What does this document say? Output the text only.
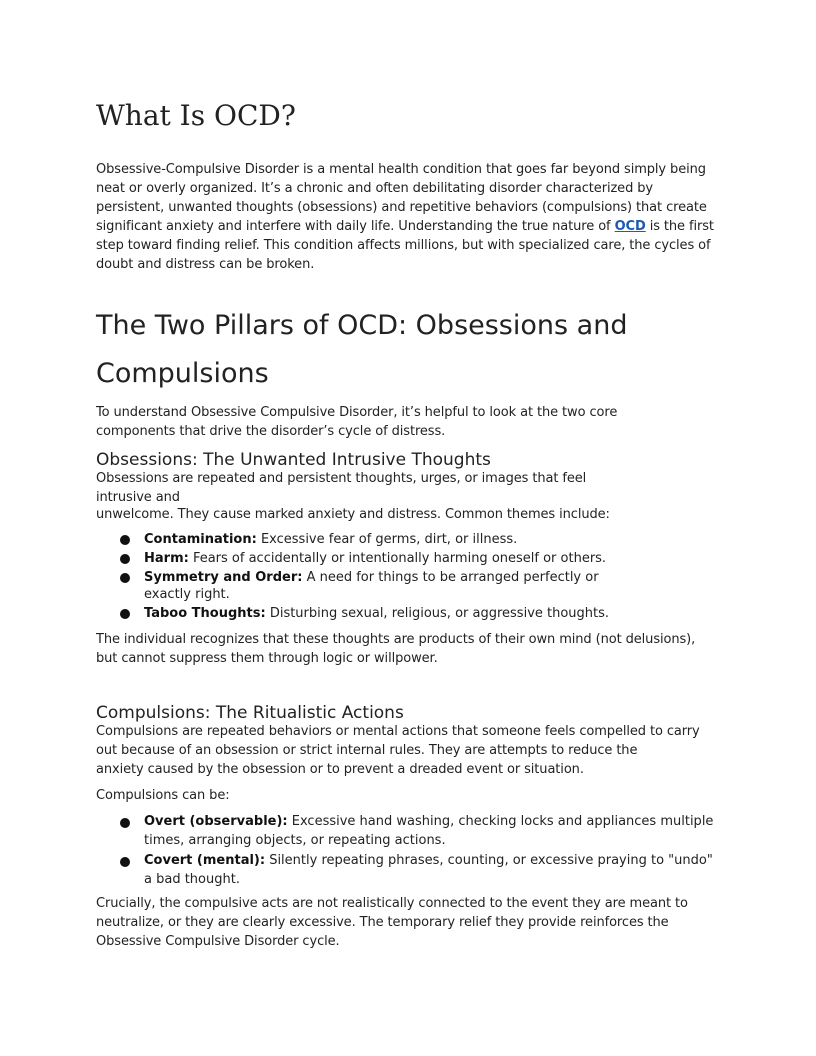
What Is OCD?

Obsessive-Compulsive Disorder is a mental health condition that goes far beyond simply being neat or overly organized. It’s a chronic and often debilitating disorder characterized by persistent, unwanted thoughts (obsessions) and repetitive behaviors (compulsions) that create significant anxiety and interfere with daily life. Understanding the true nature of OCD is the first step toward finding relief. This condition affects millions, but with specialized care, the cycles of doubt and distress can be broken.

The Two Pillars of OCD: Obsessions and Compulsions

To understand Obsessive Compulsive Disorder, it’s helpful to look at the two core components that drive the disorder’s cycle of distress.

Obsessions: The Unwanted Intrusive Thoughts

Obsessions are repeated and persistent thoughts, urges, or images that feel intrusive and

unwelcome. They cause marked anxiety and distress. Common themes include:

Contamination: Excessive fear of germs, dirt, or illness.
Harm: Fears of accidentally or intentionally harming oneself or others.
Symmetry and Order: A need for things to be arranged perfectly or exactly right.
Taboo Thoughts: Disturbing sexual, religious, or aggressive thoughts.

The individual recognizes that these thoughts are products of their own mind (not delusions), but cannot suppress them through logic or willpower.

Compulsions: The Ritualistic Actions

Compulsions are repeated behaviors or mental actions that someone feels compelled to carry
out because of an obsession or strict internal rules. They are attempts to reduce the
anxiety caused by the obsession or to prevent a dreaded event or situation.

Compulsions can be:

Overt (observable): Excessive hand washing, checking locks and appliances multiple times, arranging objects, or repeating actions.
Covert (mental): Silently repeating phrases, counting, or excessive praying to "undo" a bad thought.

Crucially, the compulsive acts are not realistically connected to the event they are meant to neutralize, or they are clearly excessive. The temporary relief they provide reinforces the Obsessive Compulsive Disorder cycle.
